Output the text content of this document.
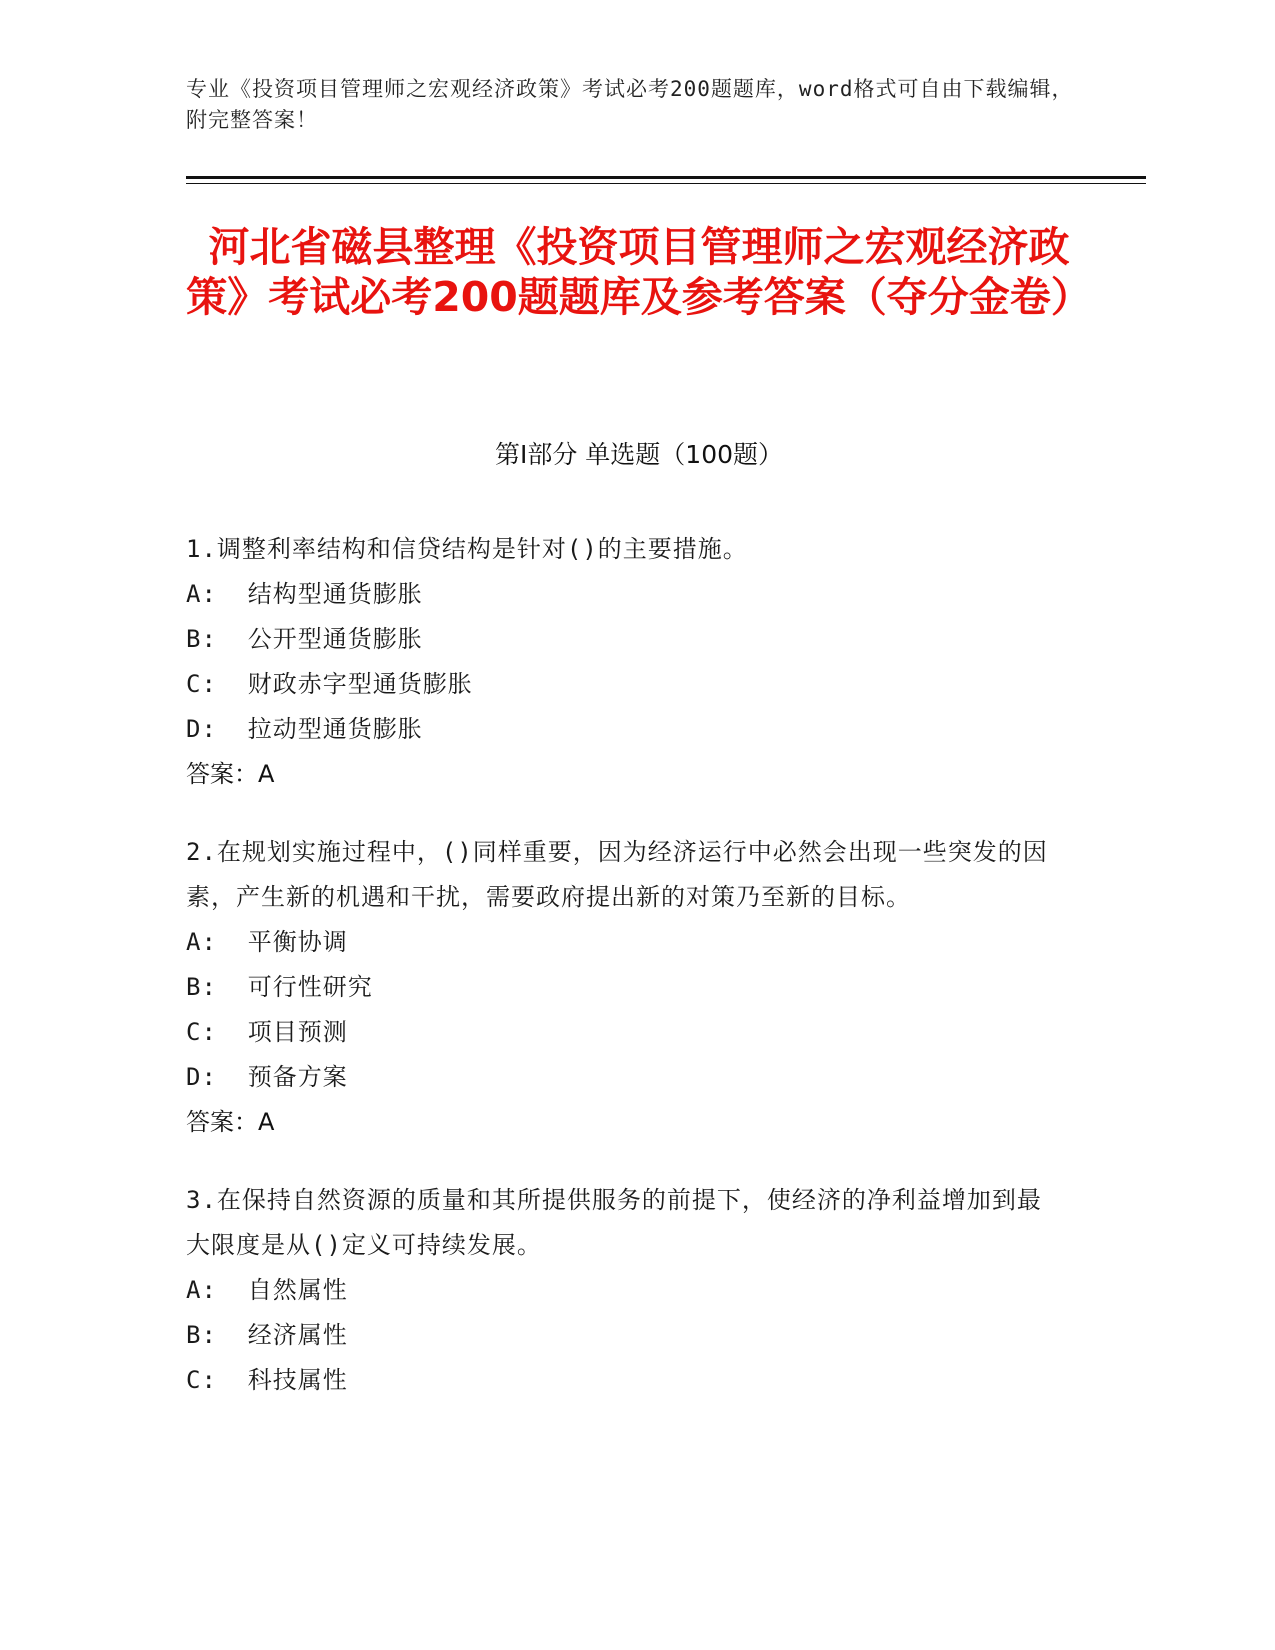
专业《投资项目管理师之宏观经济政策》考试必考200题题库，word格式可自由下载编辑，附完整答案！
河北省磁县整理《投资项目管理师之宏观经济政策》考试必考200题题库及参考答案（夺分金卷）
第I部分 单选题（100题）
1.调整利率结构和信贷结构是针对()的主要措施。
A:  结构型通货膨胀
B:  公开型通货膨胀
C:  财政赤字型通货膨胀
D:  拉动型通货膨胀
答案：A
2.在规划实施过程中，()同样重要，因为经济运行中必然会出现一些突发的因素，产生新的机遇和干扰，需要政府提出新的对策乃至新的目标。
A:  平衡协调
B:  可行性研究
C:  项目预测
D:  预备方案
答案：A
3.在保持自然资源的质量和其所提供服务的前提下，使经济的净利益增加到最大限度是从()定义可持续发展。
A:  自然属性
B:  经济属性
C:  科技属性
